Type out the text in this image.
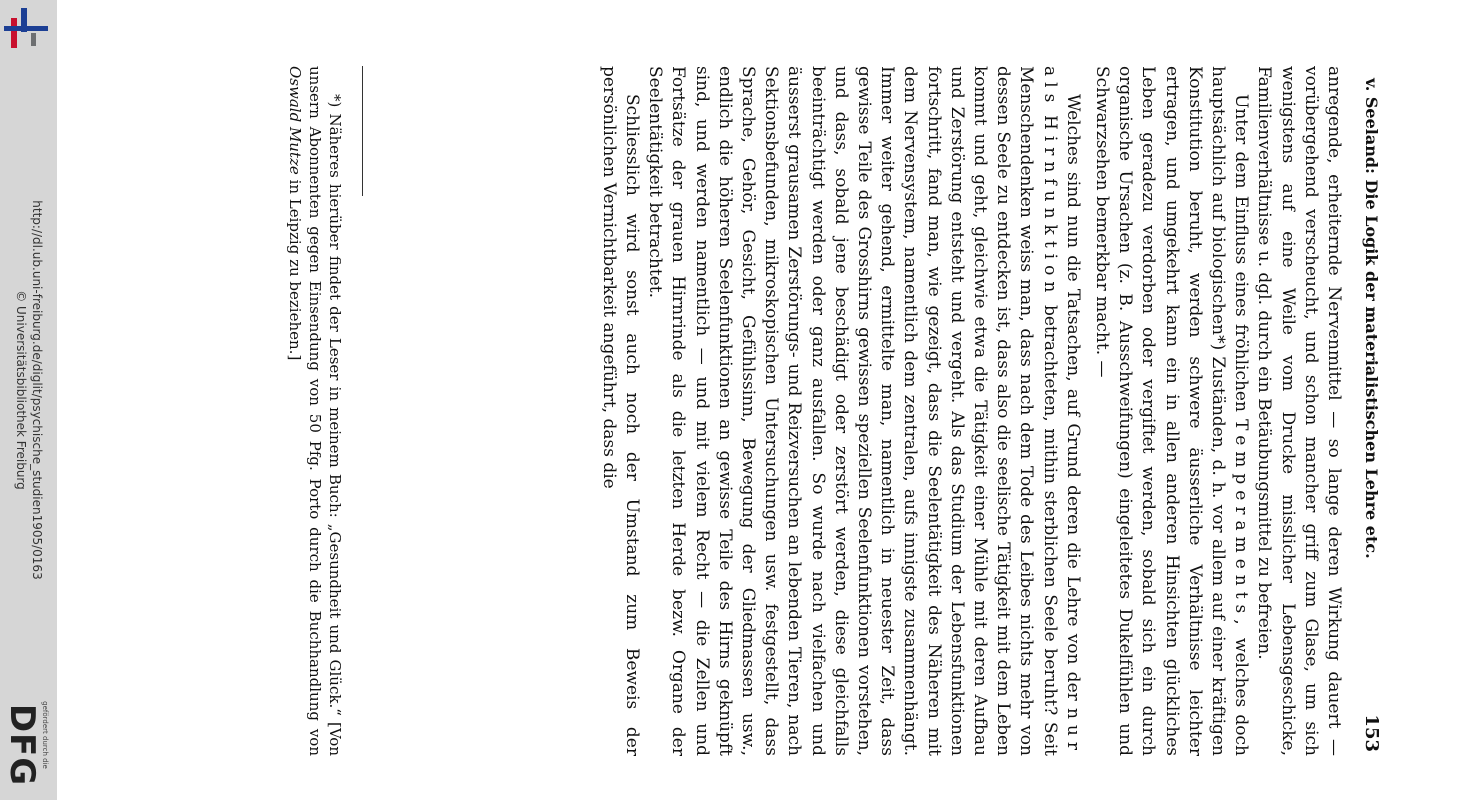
http://dl.ub.uni-freiburg.de/diglit/psychische_studien1905/0163
© Universitätsbibliothek Freiburg
gefördert durch die
DFG
v. Seeland: Die Logik der materialistischen Lehre etc.
153

anregende, erheiternde Nervenmittel — so lange deren Wirkung dauert — vorübergehend verscheucht, und schon mancher griff zum Glase, um sich wenigstens auf eine Weile vom Drucke misslicher Lebensgeschicke, Familienverhältnisse u. dgl. durch ein Betäubungsmittel zu befreien.

Unter dem Einfluss eines fröhlichen Temperaments, welches doch hauptsächlich auf biologischen*) Zuständen, d. h. vor allem auf einer kräftigen Konstitution beruht, werden schwere äusserliche Verhältnisse leichter ertragen, und umgekehrt kann ein in allen anderen Hinsichten glückliches Leben geradezu verdorben oder vergiftet werden, sobald sich ein durch organische Ursachen (z. B. Ausschweifungen) eingeleitetes Dukelfühlen und Schwarzsehen bemerkbar macht. —

Welches sind nun die Tatsachen, auf Grund deren die Lehre von der nur als Hirnfunktion betrachteten, mithin sterblichen Seele beruht? Seit Menschendenken weiss man, dass nach dem Tode des Leibes nichts mehr von dessen Seele zu entdecken ist, dass also die seelische Tätigkeit mit dem Leben kommt und geht, gleichwie etwa die Tätigkeit einer Mühle mit deren Aufbau und Zerstörung entsteht und vergeht. Als das Studium der Lebensfunktionen fortschritt, fand man, wie gezeigt, dass die Seelentätigkeit des Näheren mit dem Nervensystem, namentlich dem zentralen, aufs innigste zusammenhängt. Immer weiter gehend, ermittelte man, namentlich in neuester Zeit, dass gewisse Teile des Grosshirns gewissen speziellen Seelenfunktionen vorstehen, und dass, sobald jene beschädigt oder zerstört werden, diese gleichfalls beeinträchtigt werden oder ganz ausfallen. So wurde nach vielfachen und äusserst grausamen Zerstörungs- und Reizversuchen an lebenden Tieren, nach Sektionsbefunden, mikroskopischen Untersuchungen usw. festgestellt, dass Sprache, Gehör, Gesicht, Gefühlssinn, Bewegung der Gliedmassen usw., endlich die höheren Seelenfunktionen an gewisse Teile des Hirns geknüpft sind, und werden namentlich — und mit vielem Recht — die Zellen und Fortsätze der grauen Hirnrinde als die letzten Herde bezw. Organe der Seelentätigkeit betrachtet.

Schliesslich wird sonst auch noch der Umstand zum Beweis der persönlichen Vernichtbarkeit angeführt, dass die

*) Näheres hierüber findet der Leser in meinem Buch: „Gesundheit und Glück.“ [Von unsern Abonnenten gegen Einsendung von 50 Pfg. Porto durch die Buchhandlung von Oswald Mutze in Leipzig zu beziehen.]
